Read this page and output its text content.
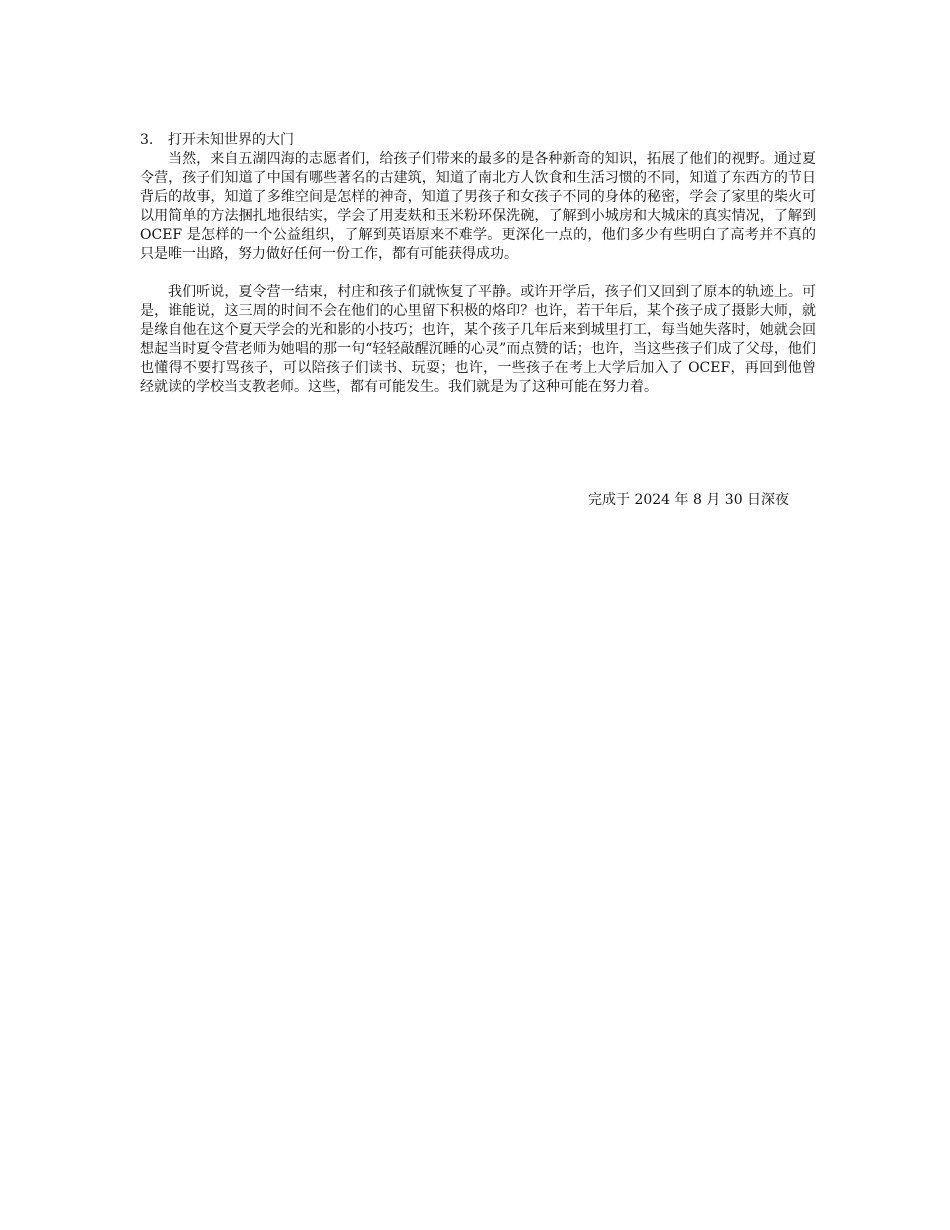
3. 打开未知世界的大门

当然，来自五湖四海的志愿者们，给孩子们带来的最多的是各种新奇的知识，拓展了他们的视野。通过夏令营，孩子们知道了中国有哪些著名的古建筑，知道了南北方人饮食和生活习惯的不同，知道了东西方的节日背后的故事，知道了多维空间是怎样的神奇，知道了男孩子和女孩子不同的身体的秘密，学会了家里的柴火可以用简单的方法捆扎地很结实，学会了用麦麸和玉米粉环保洗碗，了解到小城房和大城床的真实情况，了解到 OCEF 是怎样的一个公益组织，了解到英语原来不难学。更深化一点的，他们多少有些明白了高考并不真的只是唯一出路，努力做好任何一份工作，都有可能获得成功。

我们听说，夏令营一结束，村庄和孩子们就恢复了平静。或许开学后，孩子们又回到了原本的轨迹上。可是，谁能说，这三周的时间不会在他们的心里留下积极的烙印？也许，若干年后，某个孩子成了摄影大师，就是缘自他在这个夏天学会的光和影的小技巧；也许，某个孩子几年后来到城里打工，每当她失落时，她就会回想起当时夏令营老师为她唱的那一句“轻轻敲醒沉睡的心灵”而点赞的话；也许，当这些孩子们成了父母，他们也懂得不要打骂孩子，可以陪孩子们读书、玩耍；也许，一些孩子在考上大学后加入了 OCEF，再回到他曾经就读的学校当支教老师。这些，都有可能发生。我们就是为了这种可能在努力着。

完成于 2024 年 8 月 30 日深夜
